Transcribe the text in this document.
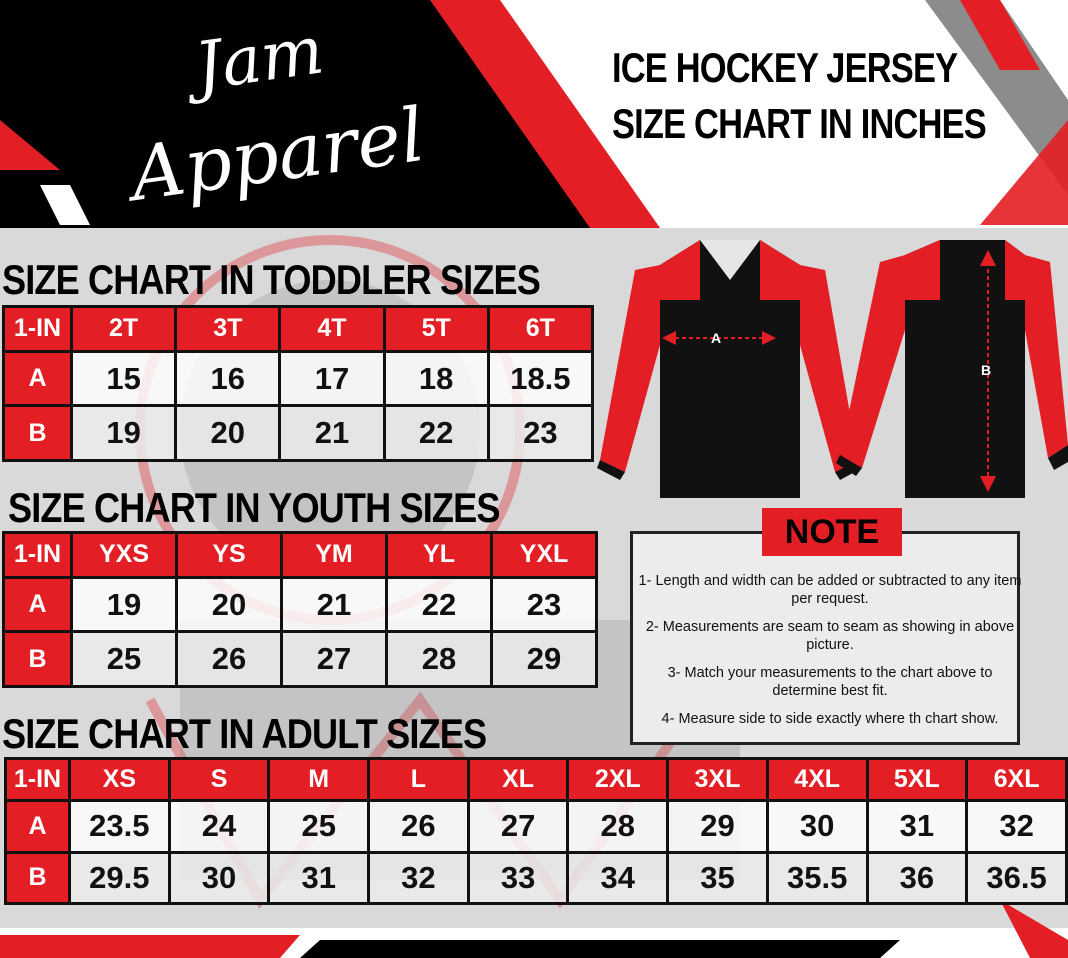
Jam
Apparel
ICE HOCKEY JERSEY
SIZE CHART IN INCHES
A
B
SIZE CHART IN TODDLER SIZES
1-IN	2T	3T	4T	5T	6T
A	15	16	17	18	18.5
B	19	20	21	22	23
SIZE CHART IN YOUTH SIZES
1-IN	YXS	YS	YM	YL	YXL
A	19	20	21	22	23
B	25	26	27	28	29
NOTE
1- Length and width can be added or subtracted to any item per request.
2- Measurements are seam to seam as showing in above picture.
3- Match your measurements to the chart above to determine best fit.
4- Measure side to side exactly where th chart show.
SIZE CHART IN ADULT SIZES
1-IN	XS	S	M	L	XL	2XL	3XL	4XL	5XL	6XL
A	23.5	24	25	26	27	28	29	30	31	32
B	29.5	30	31	32	33	34	35	35.5	36	36.5
